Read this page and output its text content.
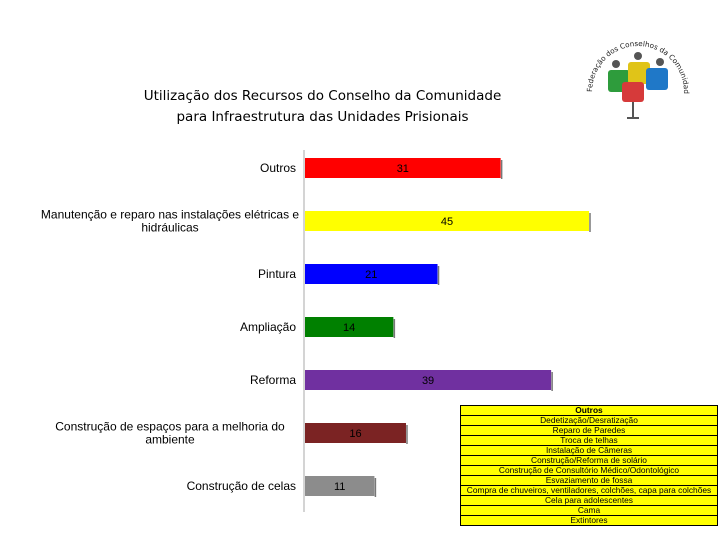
Utilização dos Recursos do Conselho da Comunidade
para Infraestrutura das Unidades Prisionais
31
Outros
45
Manutenção e reparo nas instalações elétricas e hidráulicas
21
Pintura
14
Ampliação
39
Reforma
16
Construção de espaços para a melhoria do ambiente
11
Construção de celas
Federação dos Conselhos da Comunidad
Outros
Dedetização/Desratização
Reparo de Paredes
Troca de telhas
Instalação de Câmeras
Construção/Reforma de solário
Construção de Consultório Médico/Odontológico
Esvaziamento de fossa
Compra de chuveiros, ventiladores, colchões, capa para colchões
Cela para adolescentes
Cama
Extintores
